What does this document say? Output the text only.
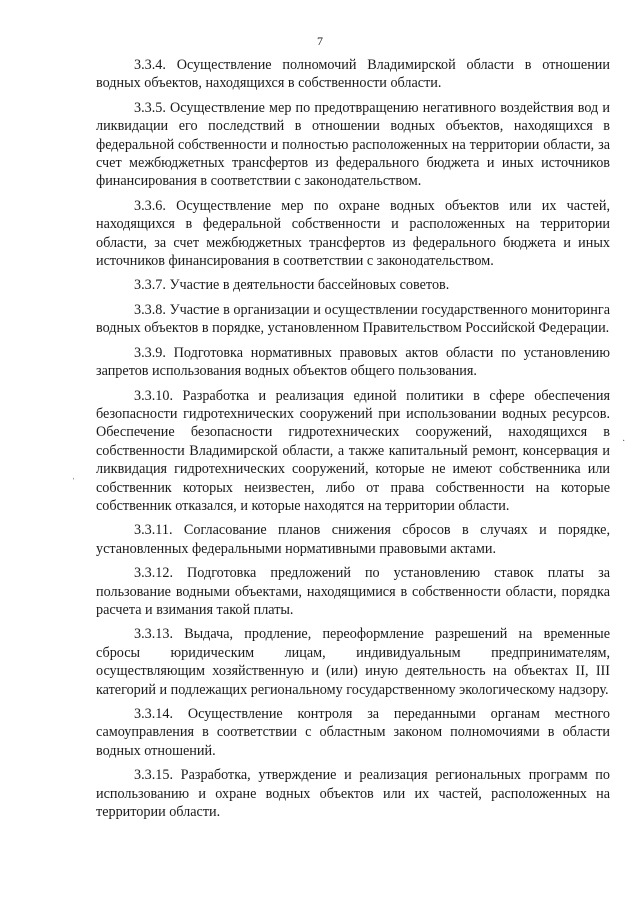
7

3.3.4. Осуществление полномочий Владимирской области в отношении водных объектов, находящихся в собственности области.

3.3.5. Осуществление мер по предотвращению негативного воздействия вод и ликвидации его последствий в отношении водных объектов, находящихся в федеральной собственности и полностью расположенных на территории области, за счет межбюджетных трансфертов из федерального бюджета и иных источников финансирования в соответствии с законодательством.

3.3.6. Осуществление мер по охране водных объектов или их частей, находящихся в федеральной собственности и расположенных на территории области, за счет межбюджетных трансфертов из федерального бюджета и иных источников финансирования в соответствии с законодательством.

3.3.7. Участие в деятельности бассейновых советов.

3.3.8. Участие в организации и осуществлении государственного мониторинга водных объектов в порядке, установленном Правительством Российской Федерации.

3.3.9. Подготовка нормативных правовых актов области по установлению запретов использования водных объектов общего пользования.

3.3.10. Разработка и реализация единой политики в сфере обеспечения безопасности гидротехнических сооружений при использовании водных ресурсов. Обеспечение безопасности гидротехнических сооружений, находящихся в собственности Владимирской области, а также капитальный ремонт, консервация и ликвидация гидротехнических сооружений, которые не имеют собственника или собственник которых неизвестен, либо от права собственности на которые собственник отказался, и которые находятся на территории области.

3.3.11. Согласование планов снижения сбросов в случаях и порядке, установленных федеральными нормативными правовыми актами.

3.3.12. Подготовка предложений по установлению ставок платы за пользование водными объектами, находящимися в собственности области, порядка расчета и взимания такой платы.

3.3.13. Выдача, продление, переоформление разрешений на временные сбросы юридическим лицам, индивидуальным предпринимателям, осуществляющим хозяйственную и (или) иную деятельность на объектах II, III категорий и подлежащих региональному государственному экологическому надзору.

3.3.14. Осуществление контроля за переданными органам местного самоуправления в соответствии с областным законом полномочиями в области водных отношений.

3.3.15. Разработка, утверждение и реализация региональных программ по использованию и охране водных объектов или их частей, расположенных на территории области.

·
ˌ
